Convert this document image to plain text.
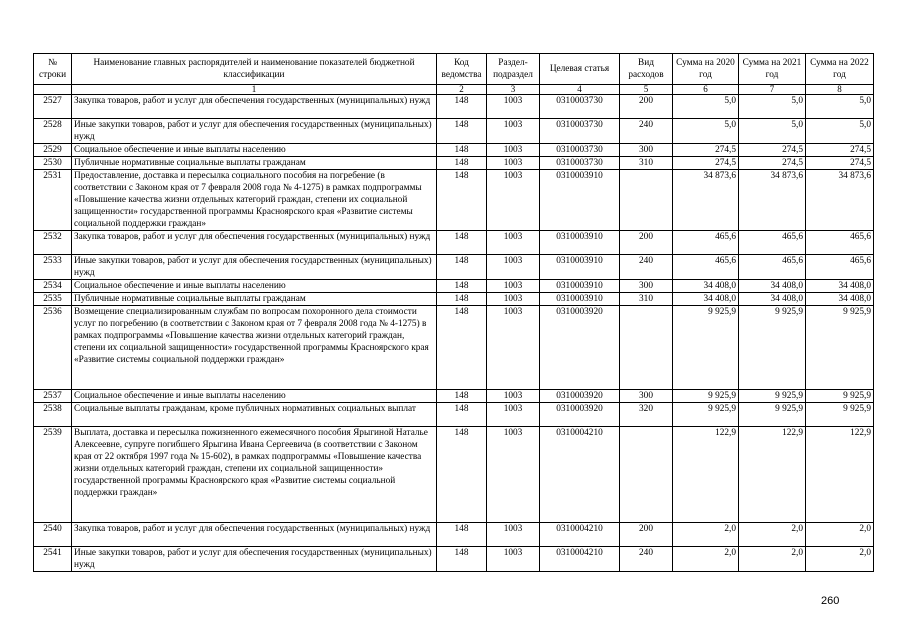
№ строки	Наименование главных распорядителей и наименование показателей бюджетной классификации	Код ведомства	Раздел-подраздел	Целевая статья	Вид расходов	Сумма на 2020 год	Сумма на 2021 год	Сумма на 2022 год
	1	2	3	4	5	6	7	8
2527	Закупка товаров, работ и услуг для обеспечения государственных (муниципальных) нужд	148	1003	0310003730	200	5,0	5,0	5,0
2528	Иные закупки товаров, работ и услуг для обеспечения государственных (муниципальных) нужд	148	1003	0310003730	240	5,0	5,0	5,0
2529	Социальное обеспечение и иные выплаты населению	148	1003	0310003730	300	274,5	274,5	274,5
2530	Публичные нормативные социальные выплаты гражданам	148	1003	0310003730	310	274,5	274,5	274,5
2531	Предоставление, доставка и пересылка социального пособия на погребение (в соответствии с Законом края от 7 февраля 2008 года № 4-1275) в рамках подпрограммы «Повышение качества жизни отдельных категорий граждан, степени их социальной защищенности» государственной программы Красноярского края «Развитие системы социальной поддержки граждан»	148	1003	0310003910		34 873,6	34 873,6	34 873,6
2532	Закупка товаров, работ и услуг для обеспечения государственных (муниципальных) нужд	148	1003	0310003910	200	465,6	465,6	465,6
2533	Иные закупки товаров, работ и услуг для обеспечения государственных (муниципальных) нужд	148	1003	0310003910	240	465,6	465,6	465,6
2534	Социальное обеспечение и иные выплаты населению	148	1003	0310003910	300	34 408,0	34 408,0	34 408,0
2535	Публичные нормативные социальные выплаты гражданам	148	1003	0310003910	310	34 408,0	34 408,0	34 408,0
2536	Возмещение специализированным службам по вопросам похоронного дела стоимости услуг по погребению (в соответствии с Законом края от 7 февраля 2008 года № 4-1275) в рамках подпрограммы «Повышение качества жизни отдельных категорий граждан, степени их социальной защищенности» государственной программы Красноярского края «Развитие системы социальной поддержки граждан»	148	1003	0310003920		9 925,9	9 925,9	9 925,9
2537	Социальное обеспечение и иные выплаты населению	148	1003	0310003920	300	9 925,9	9 925,9	9 925,9
2538	Социальные выплаты гражданам, кроме публичных нормативных социальных выплат	148	1003	0310003920	320	9 925,9	9 925,9	9 925,9
2539	Выплата, доставка и пересылка пожизненного ежемесячного пособия Ярыгиной Наталье Алексеевне, супруге погибшего Ярыгина Ивана Сергеевича (в соответствии с Законом края от 22 октября 1997 года № 15-602), в рамках подпрограммы «Повышение качества жизни отдельных категорий граждан, степени их социальной защищенности» государственной программы Красноярского края «Развитие системы социальной поддержки граждан»	148	1003	0310004210		122,9	122,9	122,9
2540	Закупка товаров, работ и услуг для обеспечения государственных (муниципальных) нужд	148	1003	0310004210	200	2,0	2,0	2,0
2541	Иные закупки товаров, работ и услуг для обеспечения государственных (муниципальных) нужд	148	1003	0310004210	240	2,0	2,0	2,0
260
